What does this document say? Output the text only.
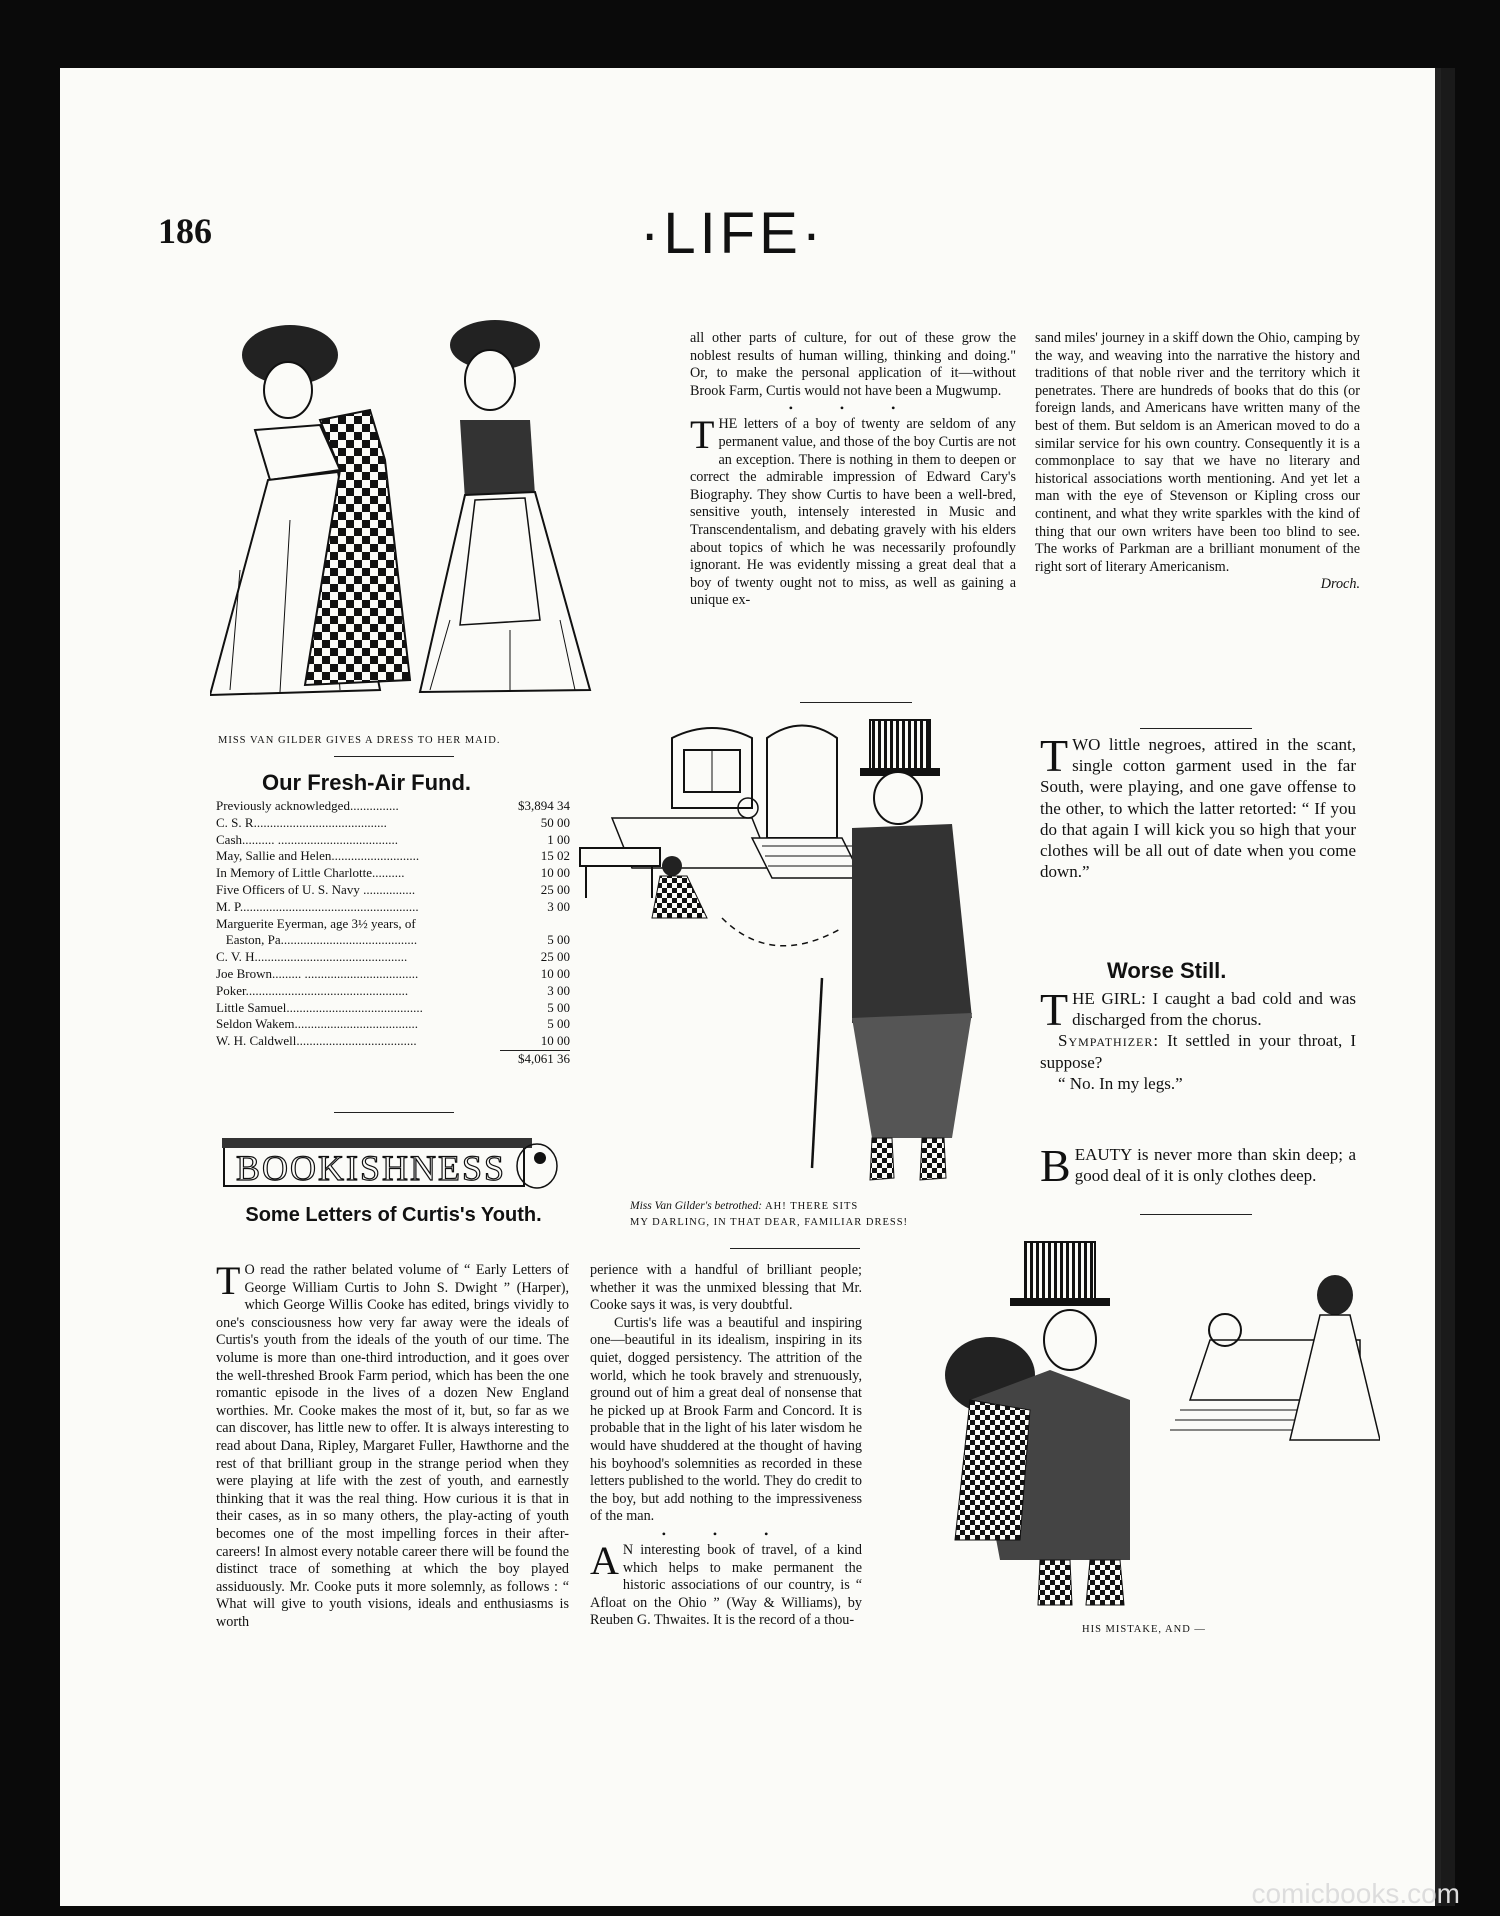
186	·LIFE·
MISS VAN GILDER GIVES A DRESS TO HER MAID.
Our Fresh-Air Fund.
Previously acknowledged...............	$3,894 34
C. S. R.........................................	50 00
Cash.......... .....................................	1 00
May, Sallie and Helen...........................	15 02
In Memory of Little Charlotte..........	10 00
Five Officers of U. S. Navy ................	25 00
M. P.......................................................	3 00
Marguerite Eyerman, age 3½ years, of
Easton, Pa..........................................	5 00
C. V. H...............................................	25 00
Joe Brown......... ...................................	10 00
Poker..................................................	3 00
Little Samuel..........................................	5 00
Seldon Wakem......................................	5 00
W. H. Caldwell.....................................	10 00
$4,061 36
BOOKISHNESS
Some Letters of Curtis's Youth.

T O read the rather belated volume of “ Early Letters of George William Curtis to John S. Dwight ” (Harper), which George Willis Cooke has edited, brings vividly to one's consciousness how very far away were the ideals of Curtis's youth from the ideals of the youth of our time. The volume is more than one-third introduction, and it goes over the well-threshed Brook Farm period, which has been the one romantic episode in the lives of a dozen New England worthies. Mr. Cooke makes the most of it, but, so far as we can discover, has little new to offer. It is always interesting to read about Dana, Ripley, Margaret Fuller, Hawthorne and the rest of that brilliant group in the strange period when they were playing at life with the zest of youth, and earnestly thinking that it was the real thing. How curious it is that in their cases, as in so many others, the play-acting of youth becomes one of the most impelling forces in their after-careers! In almost every notable career there will be found the distinct trace of something at which the boy played assiduously. Mr. Cooke puts it more solemnly, as follows : “ What will give to youth visions, ideals and enthusiasms is worth

all other parts of culture, for out of these grow the noblest results of human willing, thinking and doing." Or, to make the personal application of it—without Brook Farm, Curtis would not have been a Mugwump.

• • •

THE letters of a boy of twenty are seldom of any permanent value, and those of the boy Curtis are not an exception. There is nothing in them to deepen or correct the admirable impression of Edward Cary's Biography. They show Curtis to have been a well-bred, sensitive youth, intensely interested in Music and Transcendentalism, and debating gravely with his elders about topics of which he was necessarily profoundly ignorant. He was evidently missing a great deal that a boy of twenty ought not to miss, as well as gaining a unique ex-

sand miles' journey in a skiff down the Ohio, camping by the way, and weaving into the narrative the history and traditions of that noble river and the territory which it penetrates. There are hundreds of books that do this (or foreign lands, and Americans have written many of the best of them. But seldom is an American moved to do a similar service for his own country. Consequently it is a commonplace to say that we have no literary and historical associations worth mentioning. And yet let a man with the eye of Stevenson or Kipling cross our continent, and what they write sparkles with the kind of thing that our own writers have been too blind to see. The works of Parkman are a brilliant monument of the right sort of literary Americanism.

Droch.

Miss Van Gilder's betrothed: AH! THERE SITS
MY DARLING, IN THAT DEAR, FAMILIAR DRESS!

perience with a handful of brilliant people; whether it was the unmixed blessing that Mr. Cooke says it was, is very doubtful.

Curtis's life was a beautiful and inspiring one—beautiful in its idealism, inspiring in its quiet, dogged persistency. The attrition of the world, which he took bravely and strenuously, ground out of him a great deal of nonsense that he picked up at Brook Farm and Concord. It is probable that in the light of his later wisdom he would have shuddered at the thought of having his boyhood's solemnities as recorded in these letters published to the world. They do credit to the boy, but add nothing to the impressiveness of the man.

• • •

A N interesting book of travel, of a kind which helps to make permanent the historic associations of our country, is “ Afloat on the Ohio ” (Way & Williams), by Reuben G. Thwaites. It is the record of a thou-

TWO little negroes, attired in the scant, single cotton garment used in the far South, were playing, and one gave offense to the other, to which the latter retorted: “ If you do that again I will kick you so high that your clothes will be all out of date when you come down.”
Worse Still.
THE GIRL: I caught a bad cold and was discharged from the chorus.
Sympathizer: It settled in your throat, I suppose?
“ No. In my legs.”
BEAUTY is never more than skin deep; a good deal of it is only clothes deep.
HIS MISTAKE, AND —
comicbooks.com
